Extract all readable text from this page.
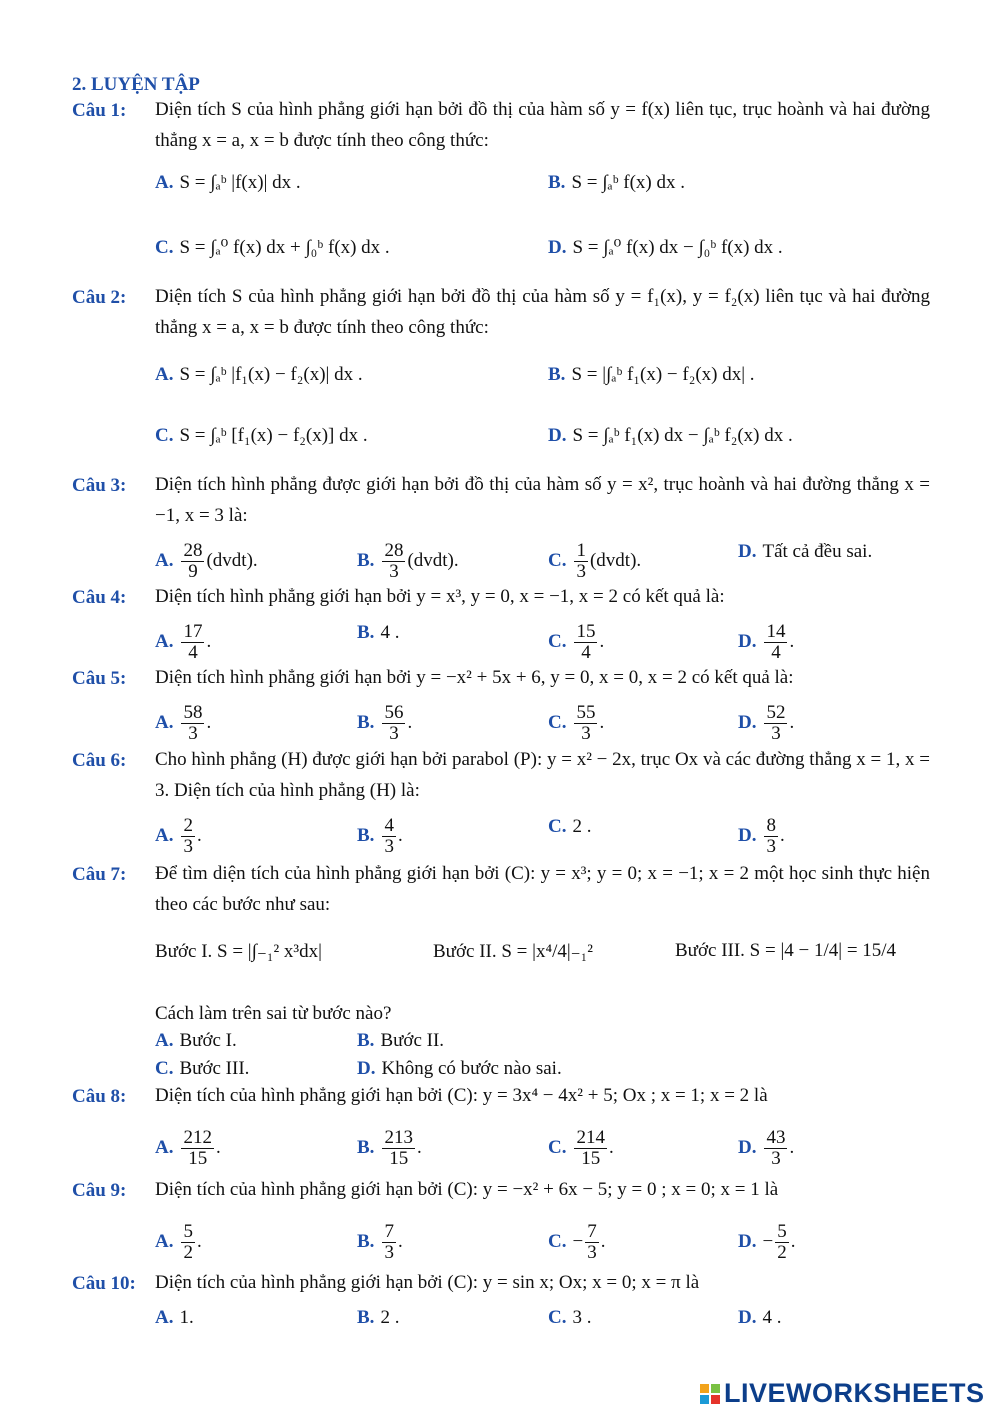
2. LUYỆN TẬP
Câu 1: Diện tích S của hình phẳng giới hạn bởi đồ thị của hàm số y = f(x) liên tục, trục hoành và hai đường thẳng x = a, x = b được tính theo công thức:
A. S = ∫ₐᵇ |f(x)| dx .	B. S = ∫ₐᵇ f(x) dx .
C. S = ∫ₐ⁰ f(x) dx + ∫₀ᵇ f(x) dx .	D. S = ∫ₐ⁰ f(x) dx − ∫₀ᵇ f(x) dx .
Câu 2: Diện tích S của hình phẳng giới hạn bởi đồ thị của hàm số y = f₁(x), y = f₂(x) liên tục và hai đường thẳng x = a, x = b được tính theo công thức:
A. S = ∫ₐᵇ |f₁(x) − f₂(x)| dx .	B. S = |∫ₐᵇ f₁(x) − f₂(x) dx| .
C. S = ∫ₐᵇ [f₁(x) − f₂(x)] dx .	D. S = ∫ₐᵇ f₁(x) dx − ∫ₐᵇ f₂(x) dx .
Câu 3: Diện tích hình phẳng được giới hạn bởi đồ thị của hàm số y = x², trục hoành và hai đường thẳng x = −1, x = 3 là:
A. $\frac{28}{9}$ (dvdt).	B. $\frac{28}{3}$ (dvdt).	C. $\frac{1}{3}$ (dvdt).	D. Tất cả đều sai.
Câu 4: Diện tích hình phẳng giới hạn bởi y = x³, y = 0, x = −1, x = 2 có kết quả là:
A. $\frac{17}{4}$ .	B. 4 .	C. $\frac{15}{4}$ .	D. $\frac{14}{4}$ .
Câu 5: Diện tích hình phẳng giới hạn bởi y = −x² + 5x + 6, y = 0, x = 0, x = 2 có kết quả là:
A. $\frac{58}{3}$ .	B. $\frac{56}{3}$ .	C. $\frac{55}{3}$ .	D. $\frac{52}{3}$ .
Câu 6: Cho hình phẳng (H) được giới hạn bởi parabol (P): y = x² − 2x, trục Ox và các đường thẳng x = 1, x = 3. Diện tích của hình phẳng (H) là:
A. $\frac{2}{3}$ .	B. $\frac{4}{3}$ .	C. 2 .	D. $\frac{8}{3}$ .
Câu 7: Để tìm diện tích của hình phẳng giới hạn bởi (C): y = x³; y = 0; x = −1; x = 2 một học sinh thực hiện theo các bước như sau:
Bước I. S = |∫₋₁² x³dx|	Bước II. S = |x⁴/4|₋₁²	Bước III. S = |4 − 1/4| = 15/4
Cách làm trên sai từ bước nào?
A. Bước I.	B. Bước II.
C. Bước III.	D. Không có bước nào sai.
Câu 8: Diện tích của hình phẳng giới hạn bởi (C): y = 3x⁴ − 4x² + 5; Ox ; x = 1; x = 2 là
A. $\frac{212}{15}$ .	B. $\frac{213}{15}$ .	C. $\frac{214}{15}$ .	D. $\frac{43}{3}$ .
Câu 9: Diện tích của hình phẳng giới hạn bởi (C): y = −x² + 6x − 5; y = 0 ; x = 0; x = 1 là
A. $\frac{5}{2}$ .	B. $\frac{7}{3}$ .	C. − $\frac{7}{3}$ .	D. − $\frac{5}{2}$ .
Câu 10: Diện tích của hình phẳng giới hạn bởi (C): y = sin x; Ox; x = 0; x = π là
A. 1.	B. 2 .	C. 3 .	D. 4 .
LIVEWORKSHEETS
